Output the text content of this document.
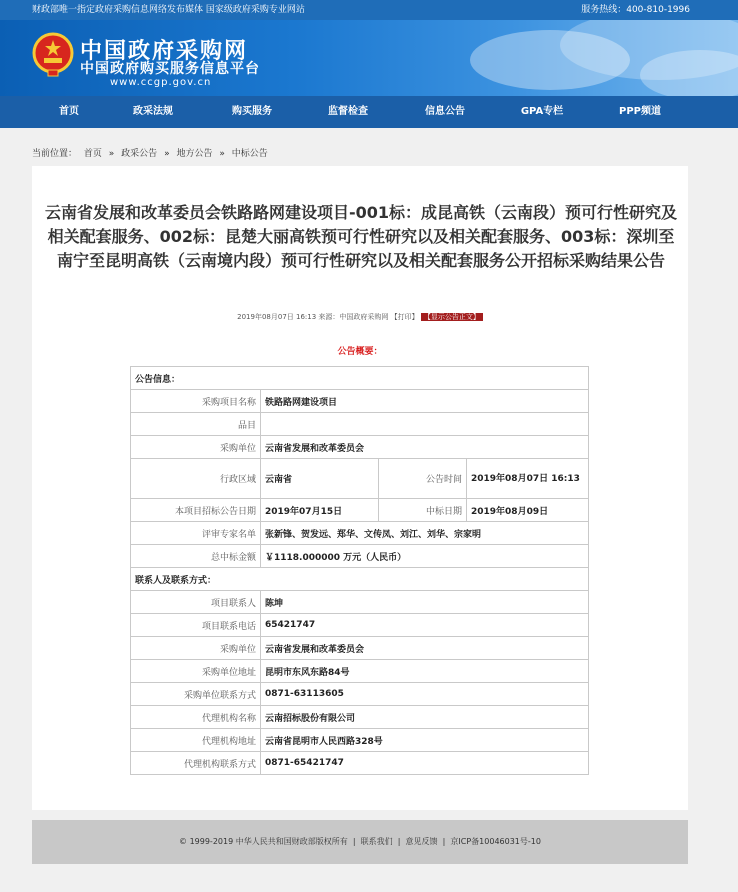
财政部唯一指定政府采购信息网络发布媒体 国家级政府采购专业网站	服务热线：400-810-1996
中国政府采购网
中国政府购买服务信息平台
www.ccgp.gov.cn
首页	政采法规	购买服务	监督检查	信息公告	GPA专栏	PPP频道
当前位置： 首页 » 政采公告 » 地方公告 » 中标公告
云南省发展和改革委员会铁路路网建设项目-001标：成昆高铁（云南段）预可行性研究及相关配套服务、002标：昆楚大丽高铁预可行性研究以及相关配套服务、003标：深圳至南宁至昆明高铁（云南境内段）预可行性研究以及相关配套服务公开招标采购结果公告
2019年08月07日 16:13 来源：中国政府采购网 【打印】 【显示公告正文】
公告概要：
公告信息：			
采购项目名称	铁路路网建设项目		
品目			
采购单位	云南省发展和改革委员会		
行政区域	云南省	公告时间	2019年08月07日 16:13
本项目招标公告日期	2019年07月15日	中标日期	2019年08月09日
评审专家名单	张新锋、贺发远、郑华、文传凤、刘江、刘华、宗家明		
总中标金额	￥1118.000000 万元（人民币）		
联系人及联系方式：			
项目联系人	陈坤		
项目联系电话	65421747		
采购单位	云南省发展和改革委员会		
采购单位地址	昆明市东风东路84号		
采购单位联系方式	0871-63113605		
代理机构名称	云南招标股份有限公司		
代理机构地址	云南省昆明市人民西路328号		
代理机构联系方式	0871-65421747		
© 1999-2019 中华人民共和国财政部版权所有 | 联系我们 | 意见反馈 | 京ICP备10046031号-10
